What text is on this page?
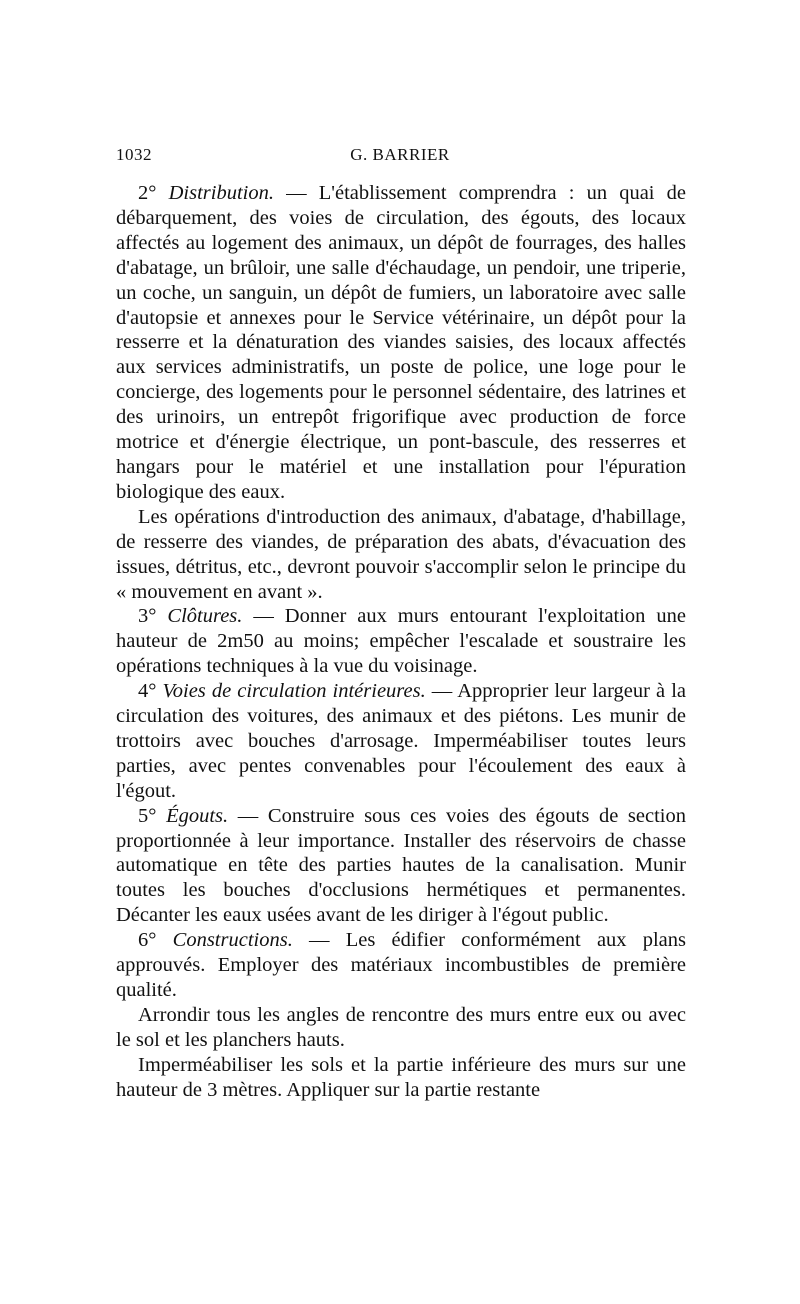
1032	G. BARRIER

2° Distribution. — L'établissement comprendra : un quai de débarquement, des voies de circulation, des égouts, des locaux affectés au logement des animaux, un dépôt de fourrages, des halles d'abatage, un brûloir, une salle d'échaudage, un pendoir, une triperie, un coche, un sanguin, un dépôt de fumiers, un laboratoire avec salle d'autopsie et annexes pour le Service vétérinaire, un dépôt pour la resserre et la dénaturation des viandes saisies, des locaux affectés aux services administratifs, un poste de police, une loge pour le concierge, des logements pour le personnel sédentaire, des latrines et des urinoirs, un entrepôt frigorifique avec production de force motrice et d'énergie électrique, un pont-bascule, des resserres et hangars pour le matériel et une installation pour l'épuration biologique des eaux.

Les opérations d'introduction des animaux, d'abatage, d'habillage, de resserre des viandes, de préparation des abats, d'évacuation des issues, détritus, etc., devront pouvoir s'accomplir selon le principe du « mouvement en avant ».

3° Clôtures. — Donner aux murs entourant l'exploitation une hauteur de 2m50 au moins; empêcher l'escalade et soustraire les opérations techniques à la vue du voisinage.

4° Voies de circulation intérieures. — Approprier leur largeur à la circulation des voitures, des animaux et des piétons. Les munir de trottoirs avec bouches d'arrosage. Imperméabiliser toutes leurs parties, avec pentes convenables pour l'écoulement des eaux à l'égout.

5° Égouts. — Construire sous ces voies des égouts de section proportionnée à leur importance. Installer des réservoirs de chasse automatique en tête des parties hautes de la canalisation. Munir toutes les bouches d'occlusions hermétiques et permanentes. Décanter les eaux usées avant de les diriger à l'égout public.

6° Constructions. — Les édifier conformément aux plans approuvés. Employer des matériaux incombustibles de première qualité.

Arrondir tous les angles de rencontre des murs entre eux ou avec le sol et les planchers hauts.

Imperméabiliser les sols et la partie inférieure des murs sur une hauteur de 3 mètres. Appliquer sur la partie restante
